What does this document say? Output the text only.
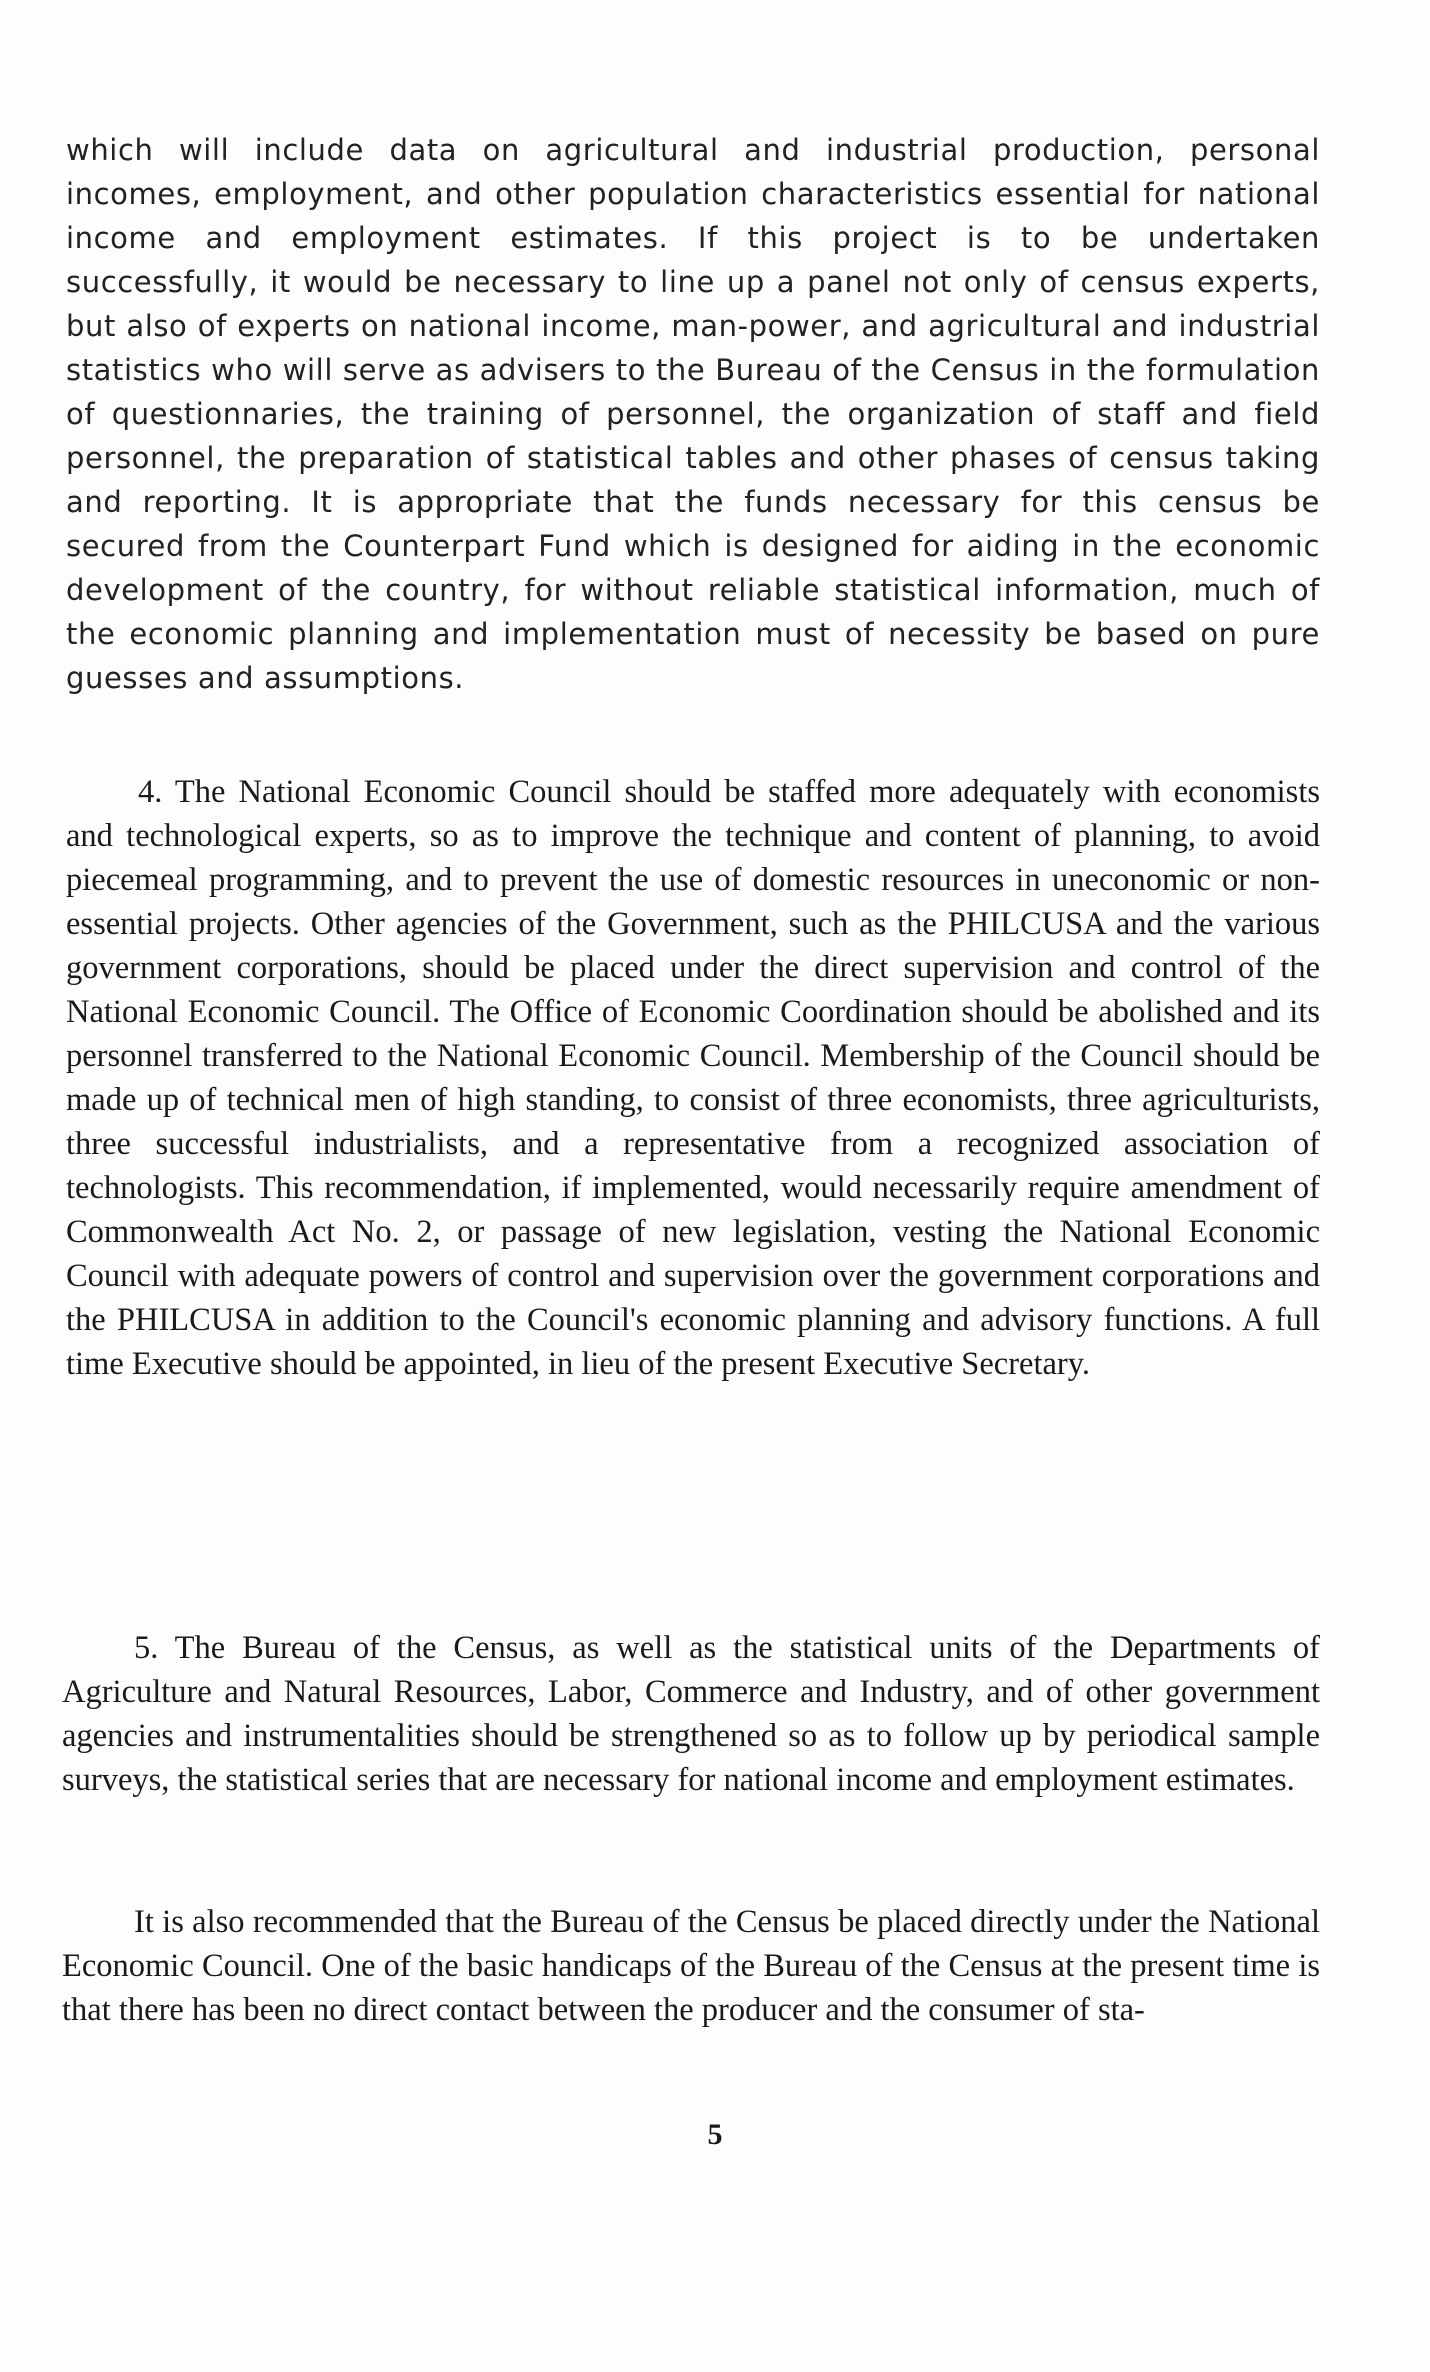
which will include data on agricultural and industrial production, personal incomes, employment, and other population characteristics essential for national income and employment estimates. If this project is to be undertaken successfully, it would be necessary to line up a panel not only of census experts, but also of experts on national income, man-power, and agricultural and industrial statistics who will serve as advisers to the Bureau of the Census in the formulation of questionnaries, the training of personnel, the organization of staff and field personnel, the preparation of statistical tables and other phases of census taking and reporting. It is appropriate that the funds necessary for this census be secured from the Counterpart Fund which is designed for aiding in the economic development of the country, for without reliable statistical information, much of the economic planning and implementation must of necessity be based on pure guesses and assumptions.

4. The National Economic Council should be staffed more adequately with economists and technological experts, so as to improve the technique and content of planning, to avoid piecemeal programming, and to prevent the use of domestic resources in uneconomic or non-essential projects. Other agencies of the Government, such as the PHILCUSA and the various government corporations, should be placed under the direct supervision and control of the National Economic Council. The Office of Economic Coordination should be abolished and its personnel transferred to the National Economic Council. Membership of the Council should be made up of technical men of high standing, to consist of three economists, three agriculturists, three successful industrialists, and a representative from a recognized association of technologists. This recommendation, if implemented, would necessarily require amendment of Commonwealth Act No. 2, or passage of new legislation, vesting the National Economic Council with adequate powers of control and supervision over the government corporations and the PHILCUSA in addition to the Council's economic planning and advisory functions. A full time Executive should be appointed, in lieu of the present Executive Secretary.

5. The Bureau of the Census, as well as the statistical units of the Departments of Agriculture and Natural Resources, Labor, Commerce and Industry, and of other government agencies and instrumentalities should be strengthened so as to follow up by periodical sample surveys, the statistical series that are necessary for national income and employment estimates.

It is also recommended that the Bureau of the Census be placed directly under the National Economic Council. One of the basic handicaps of the Bureau of the Census at the present time is that there has been no direct contact between the producer and the consumer of sta-

5
